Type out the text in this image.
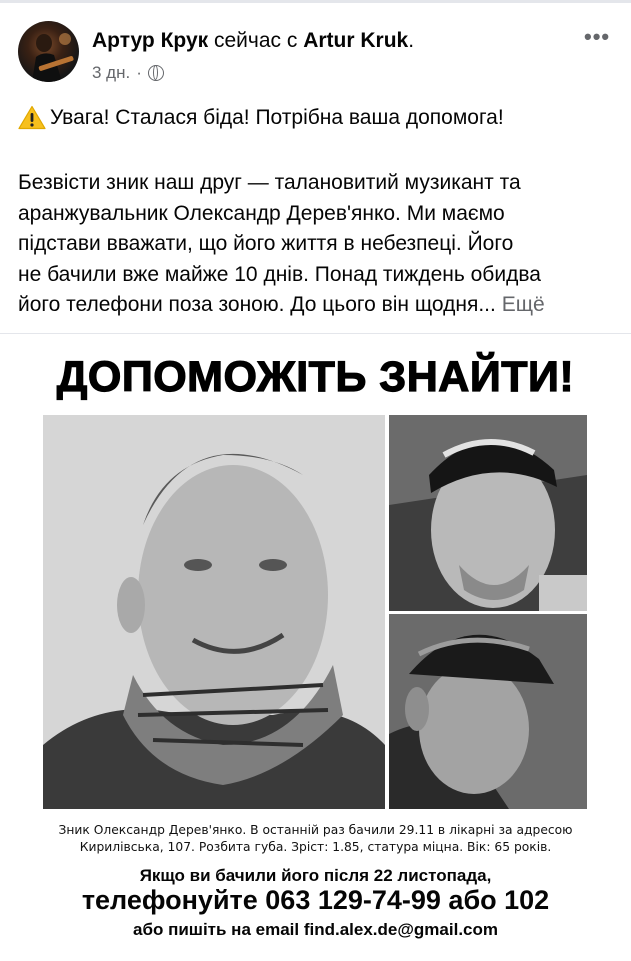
Артур Крук сейчас с Artur Kruk.
3 дн. ·
•••
Увага! Сталася біда! Потрібна ваша допомога!
Безвісти зник наш друг — талановитий музикант та
аранжувальник Олександр Дерев'янко. Ми маємо
підстави вважати, що його життя в небезпеці. Його
не бачили вже майже 10 днів. Понад тиждень обидва
його телефони поза зоною. До цього він щодня... Ещё
ДОПОМОЖІТЬ ЗНАЙТИ!
Зник Олександр Дерев'янко. В останній раз бачили 29.11 в лікарні за адресою
Кирилівська, 107. Розбита губа. Зріст: 1.85, статура міцна. Вік: 65 років.
Якщо ви бачили його після 22 листопада,
телефонуйте 063 129-74-99 або 102
або пишіть на email find.alex.de@gmail.com
